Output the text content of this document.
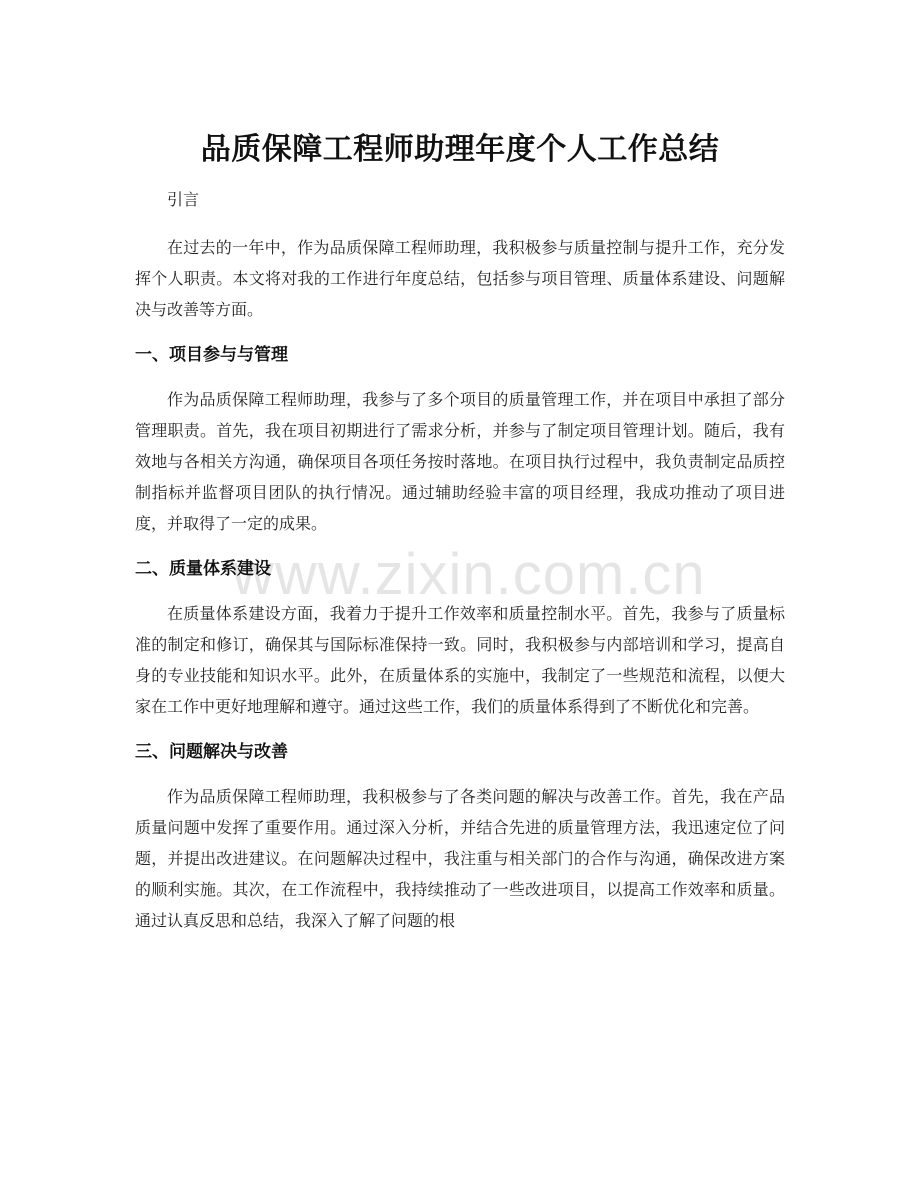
品质保障工程师助理年度个人工作总结

引言

在过去的一年中，作为品质保障工程师助理，我积极参与质量控制与提升工作，充分发挥个人职责。本文将对我的工作进行年度总结，包括参与项目管理、质量体系建设、问题解决与改善等方面。

一、项目参与与管理

作为品质保障工程师助理，我参与了多个项目的质量管理工作，并在项目中承担了部分管理职责。首先，我在项目初期进行了需求分析，并参与了制定项目管理计划。随后，我有效地与各相关方沟通，确保项目各项任务按时落地。在项目执行过程中，我负责制定品质控制指标并监督项目团队的执行情况。通过辅助经验丰富的项目经理，我成功推动了项目进度，并取得了一定的成果。

二、质量体系建设

在质量体系建设方面，我着力于提升工作效率和质量控制水平。首先，我参与了质量标准的制定和修订，确保其与国际标准保持一致。同时，我积极参与内部培训和学习，提高自身的专业技能和知识水平。此外，在质量体系的实施中，我制定了一些规范和流程，以便大家在工作中更好地理解和遵守。通过这些工作，我们的质量体系得到了不断优化和完善。

三、问题解决与改善

作为品质保障工程师助理，我积极参与了各类问题的解决与改善工作。首先，我在产品质量问题中发挥了重要作用。通过深入分析，并结合先进的质量管理方法，我迅速定位了问题，并提出改进建议。在问题解决过程中，我注重与相关部门的合作与沟通，确保改进方案的顺利实施。其次，在工作流程中，我持续推动了一些改进项目，以提高工作效率和质量。通过认真反思和总结，我深入了解了问题的根

www.zixin.com.cn
